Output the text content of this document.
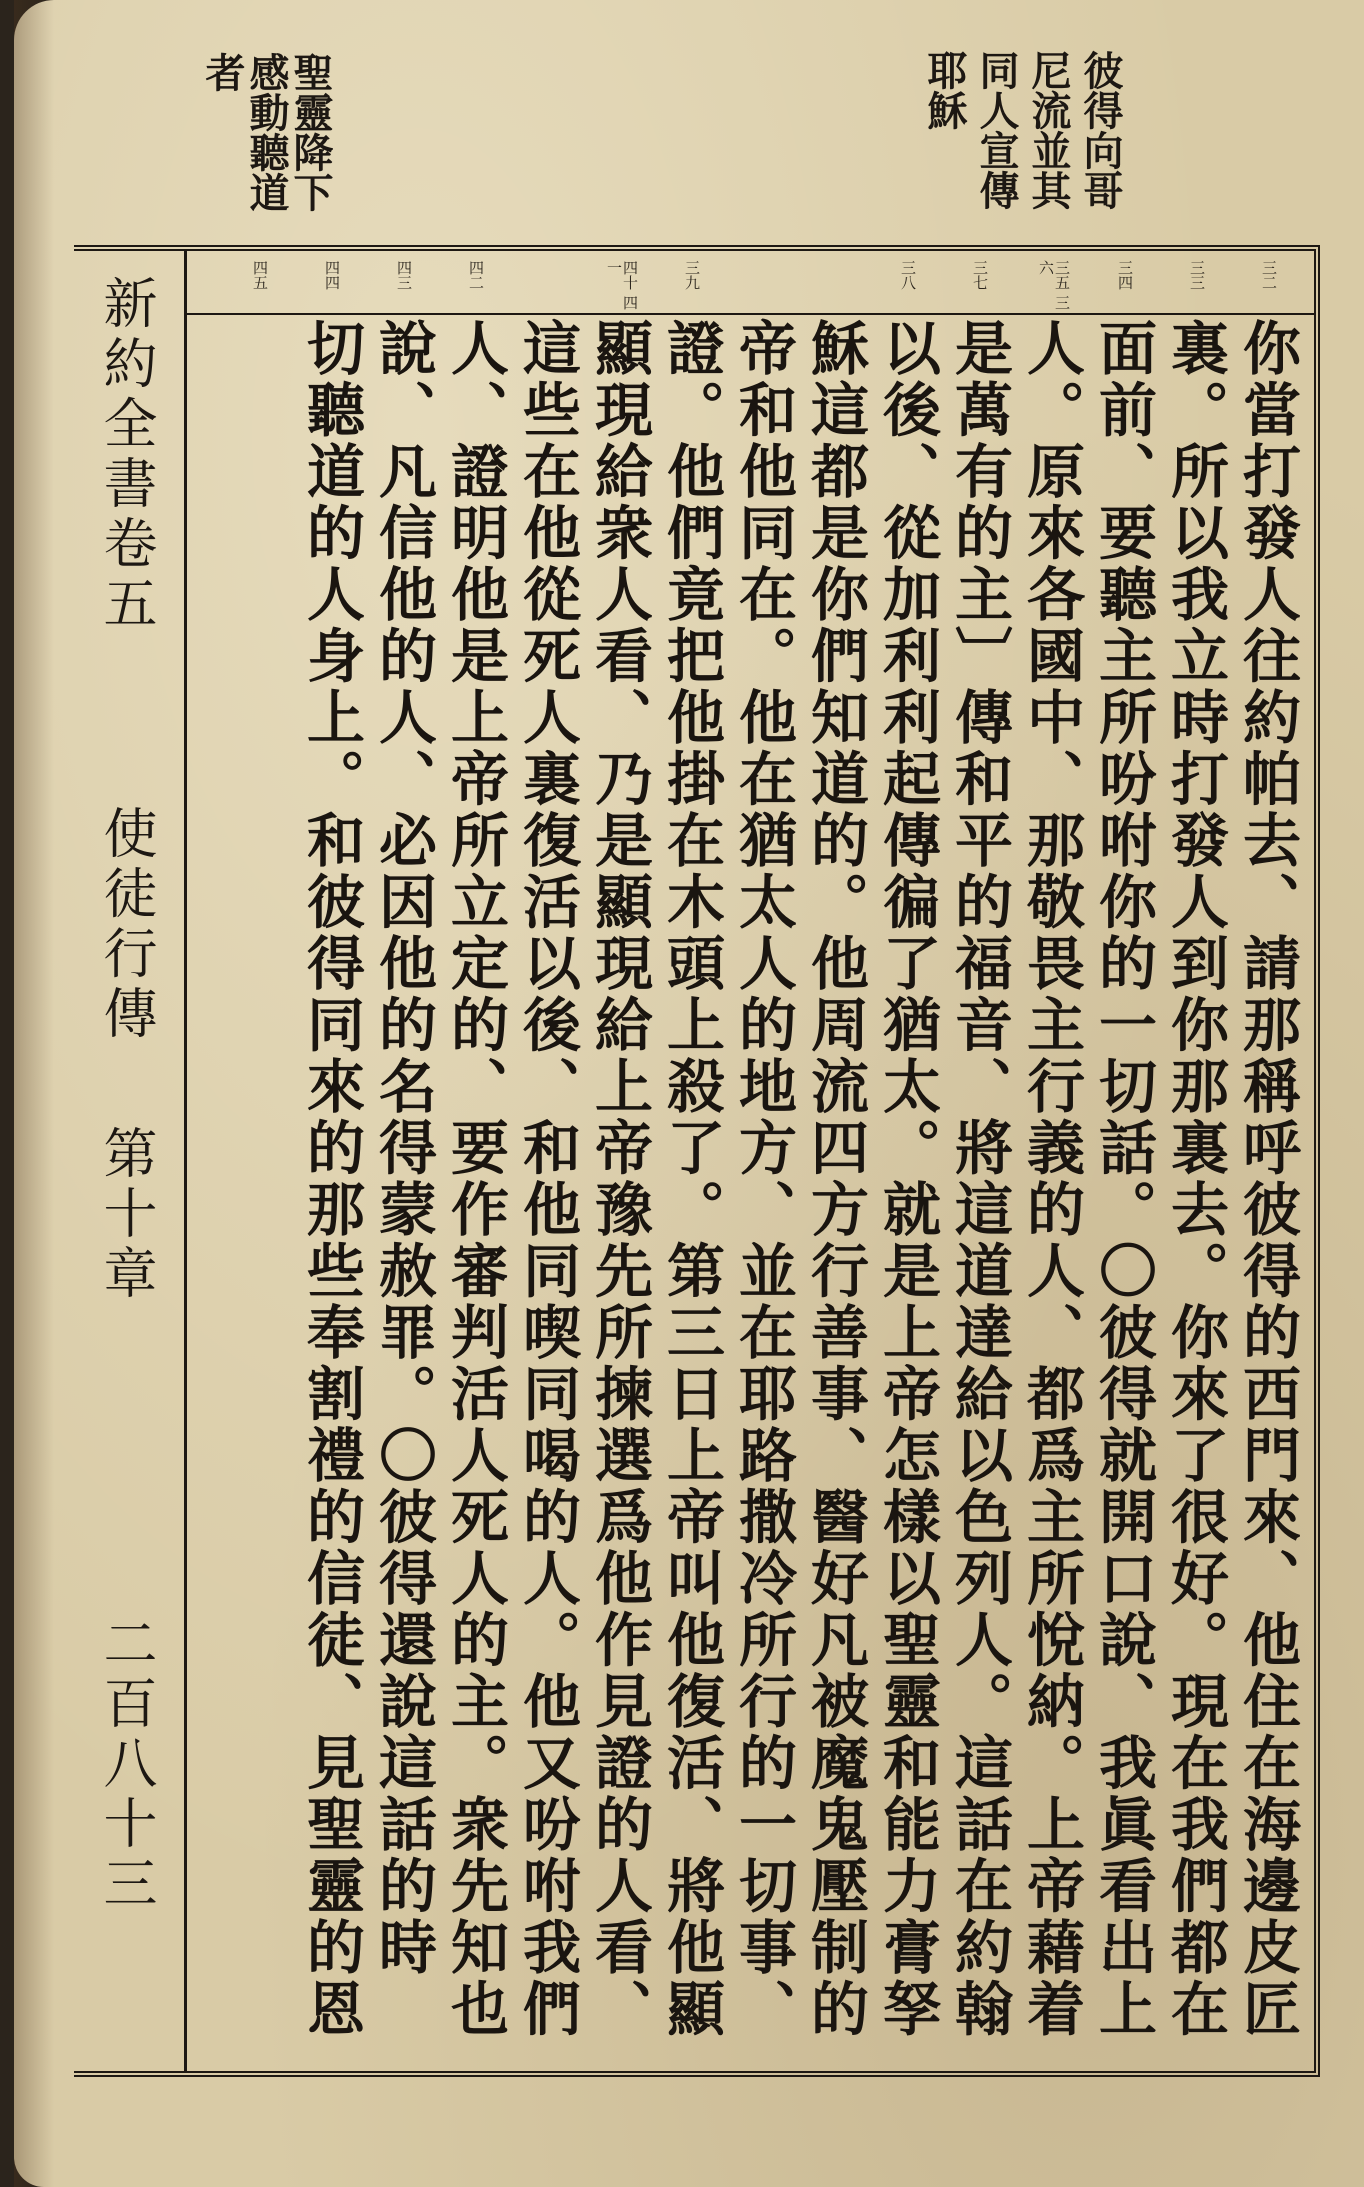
彼得向哥
尼流並其
同人宣傳
耶穌
聖靈降下
感動聽道
者
新約全書卷五
使徒行傳
第十章
二百八十三
三二
三三
三四
三五 三六
三七
三八
三九
四十 四一
四二
四三
四四
四五
你當打發人往約帕去、請那稱呼彼得的西門來、他住在海邊皮匠
裏。所以我立時打發人到你那裏去。你來了很好。現在我們都在
面前、要聽主所吩咐你的一切話。〇彼得就開口說、我眞看出上
人。原來各國中、那敬畏主行義的人、都爲主所悅納。上帝藉着
是萬有的主〕傳和平的福音、將這道達給以色列人。這話在約翰
以後、從加利利起傳徧了猶太。就是上帝怎樣以聖靈和能力膏孥
穌這都是你們知道的。他周流四方行善事、醫好凡被魔鬼壓制的
帝和他同在。他在猶太人的地方、並在耶路撒冷所行的一切事、
證。他們竟把他掛在木頭上殺了。第三日上帝叫他復活、將他顯
顯現給衆人看、乃是顯現給上帝豫先所揀選爲他作見證的人看、
這些在他從死人裏復活以後、和他同喫同喝的人。他又吩咐我們
人、證明他是上帝所立定的、要作審判活人死人的主。衆先知也
說、凡信他的人、必因他的名得蒙赦罪。〇彼得還說這話的時
切聽道的人身上。和彼得同來的那些奉割禮的信徒、見聖靈的恩
